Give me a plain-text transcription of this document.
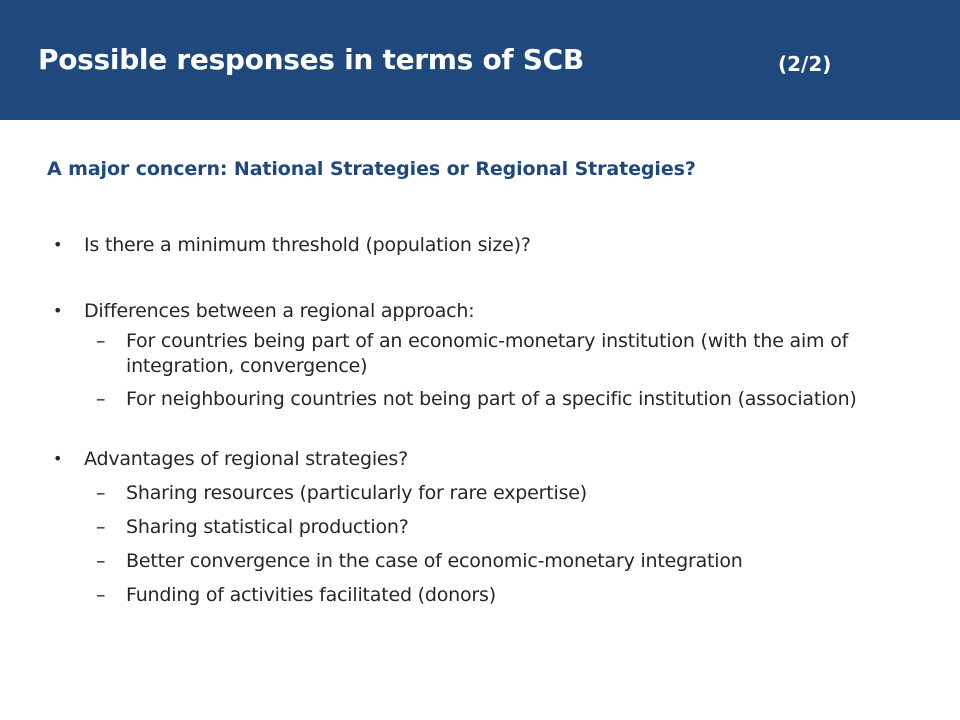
Possible responses in terms of SCB	(2/2)
A major concern: National Strategies or Regional Strategies?
• Is there a minimum threshold (population size)?
• Differences between a regional approach:
– For countries being part of an economic-monetary institution (with the aim of integration, convergence)
– For neighbouring countries not being part of a specific institution (association)
• Advantages of regional strategies?
– Sharing resources (particularly for rare expertise)
– Sharing statistical production?
– Better convergence in the case of economic-monetary integration
– Funding of activities facilitated (donors)
